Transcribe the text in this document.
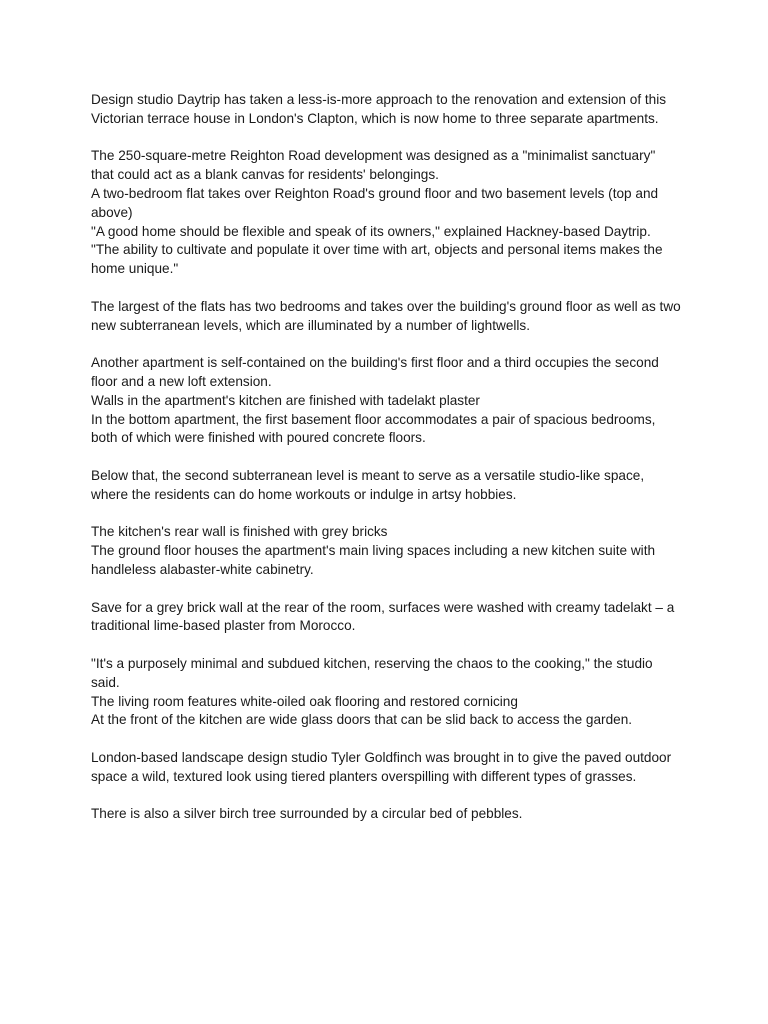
Design studio Daytrip has taken a less-is-more approach to the renovation and extension of this Victorian terrace house in London's Clapton, which is now home to three separate apartments.
The 250-square-metre Reighton Road development was designed as a "minimalist sanctuary" that could act as a blank canvas for residents' belongings.
A two-bedroom flat takes over Reighton Road's ground floor and two basement levels (top and above)
"A good home should be flexible and speak of its owners," explained Hackney-based Daytrip.
"The ability to cultivate and populate it over time with art, objects and personal items makes the home unique."
The largest of the flats has two bedrooms and takes over the building's ground floor as well as two new subterranean levels, which are illuminated by a number of lightwells.
Another apartment is self-contained on the building's first floor and a third occupies the second floor and a new loft extension.
Walls in the apartment's kitchen are finished with tadelakt plaster
In the bottom apartment, the first basement floor accommodates a pair of spacious bedrooms, both of which were finished with poured concrete floors.
Below that, the second subterranean level is meant to serve as a versatile studio-like space, where the residents can do home workouts or indulge in artsy hobbies.
The kitchen's rear wall is finished with grey bricks
The ground floor houses the apartment's main living spaces including a new kitchen suite with handleless alabaster-white cabinetry.
Save for a grey brick wall at the rear of the room, surfaces were washed with creamy tadelakt – a traditional lime-based plaster from Morocco.
"It's a purposely minimal and subdued kitchen, reserving the chaos to the cooking," the studio said.
The living room features white-oiled oak flooring and restored cornicing
At the front of the kitchen are wide glass doors that can be slid back to access the garden.
London-based landscape design studio Tyler Goldfinch was brought in to give the paved outdoor space a wild, textured look using tiered planters overspilling with different types of grasses.
There is also a silver birch tree surrounded by a circular bed of pebbles.
